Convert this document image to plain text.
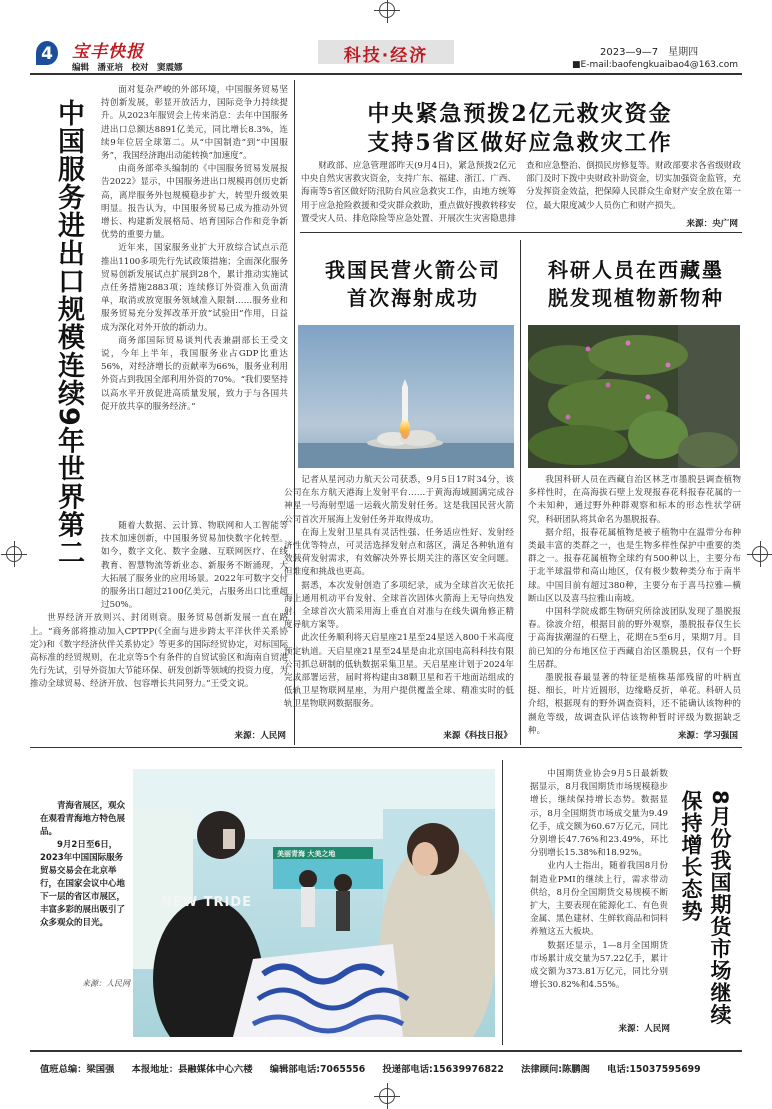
4 宝丰快报
编辑　潘亚培　校对　窦震娜
科技·经济	2023—9—7　星期四
■E-mail:baofengkuaibao4@163.com
中国服务进出口规模连续9年世界第二

面对复杂严峻的外部环境，中国服务贸易坚持创新发展，彰显开放活力，国际竞争力持续提升。从2023年服贸会上传来消息：去年中国服务进出口总额达8891亿美元，同比增长8.3%，连续9年位居全球第二。从“中国制造”到“中国服务”，我国经济跑出动能转换“加速度”。

由商务部牵头编制的《中国服务贸易发展报告2022》显示，中国服务进出口规模再创历史新高，离岸服务外包规模稳步扩大，转型升级效果明显。报告认为，中国服务贸易已成为推动外贸增长、构建新发展格局、培育国际合作和竞争新优势的重要力量。

近年来，国家服务业扩大开放综合试点示范推出1100多项先行先试政策措施；全面深化服务贸易创新发展试点扩展到28个，累计推动实施试点任务措施2883项；连续修订外资准入负面清单，取消或放宽服务领域准入限制……服务业和服务贸易充分发挥改革开放“试验田”作用，日益成为深化对外开放的新动力。

商务部国际贸易谈判代表兼副部长王受文说，今年上半年，我国服务业占GDP比重达56%，对经济增长的贡献率为66%，服务业利用外资占到我国全部利用外资的70%。“我们要坚持以高水平开放促进高质量发展，致力于与各国共促开放共享的服务经济。”

随着大数据、云计算、物联网和人工智能等技术加速创新，中国服务贸易加快数字化转型。如今，数字文化、数字金融、互联网医疗、在线教育、智慧物流等新业态、新服务不断涌现，大大拓展了服务业的应用场景。2022年可数字交付的服务出口超过2100亿美元，占服务出口比重超过50%。

世界经济开放则兴、封闭则衰。服务贸易创新发展一直在路上。“商务部将推动加入CPTPP(《全面与进步跨太平洋伙伴关系协定》)和《数字经济伙伴关系协定》等更多的国际经贸协定，对标国际高标准的经贸规则，在北京等5个有条件的自贸试验区和海南自贸港先行先试，引导外资加大节能环保、研发创新等领域的投资力度，为推动全球贸易、经济开放、包容增长共同努力。”王受文说。

来源：人民网
中央紧急预拨2亿元救灾资金
支持5省区做好应急救灾工作

财政部、应急管理部昨天(9月4日)，紧急预拨2亿元中央自然灾害救灾资金，支持广东、福建、浙江、广西、海南等5省区做好防汛防台风应急救灾工作，由地方统筹用于应急抢险救援和受灾群众救助，重点做好搜救转移安置受灾人员、排危除险等应急处置、开展次生灾害隐患排查和应急整治、倒损民房修复等。财政部要求各省级财政部门及时下拨中央财政补助资金，切实加强资金监管，充分发挥资金效益，把保障人民群众生命财产安全放在第一位，最大限度减少人员伤亡和财产损失。

来源：央广网
我国民营火箭公司
首次海射成功

记者从星河动力航天公司获悉，9月5日17时34分，该公司在东方航天港海上发射平台……于黄海海域圆满完成谷神星一号海射型遥一运载火箭发射任务。这是我国民营火箭公司首次开展海上发射任务并取得成功。

在海上发射卫星具有灵活性强、任务适应性好、发射经济性优等特点，可灵活选择发射点和落区，满足各种轨道有效载荷发射需求，有效解决外界长期关注的落区安全问题。但难度和挑战也更高。

据悉，本次发射创造了多项纪录，成为全球首次无依托海上通用机动平台发射、全球首次固体火箭海上无导向热发射、全球首次火箭采用海上垂直自对准与在线失调角修正精度导航方案等。

此次任务顺利将天启星座21星至24星送入800千米高度预定轨道。天启星座21星至24星是由北京国电高科科技有限公司抓总研制的低轨数据采集卫星。天启星座计划于2024年完成部署运营，届时将构建由38颗卫星和若干地面站组成的低轨卫星物联网星座，为用户提供覆盖全球、精准实时的低轨卫星物联网数据服务。

来源《科技日报》
科研人员在西藏墨
脱发现植物新物种

我国科研人员在西藏自治区林芝市墨脱县调查植物多样性时，在高海拔石壁上发现报春花科报春花属的一个未知种，通过野外种群观察和标本的形态性状学研究，科研团队将其命名为墨脱报春。

据介绍，报春花属植物是被子植物中在温带分布种类最丰富的类群之一，也是生物多样性保护中重要的类群之一。报春花属植物全球约有500种以上，主要分布于北半球温带和高山地区，仅有极少数种类分布于南半球。中国目前有超过380种，主要分布于喜马拉雅—横断山区以及喜马拉雅山南坡。

中国科学院成都生物研究所徐波团队发现了墨脱报春。徐波介绍，根据目前的野外观察，墨脱报春仅生长于高海拔潮湿的石壁上，花期在5至6月，果期7月。目前已知的分布地区位于西藏自治区墨脱县，仅有一个野生居群。

墨脱报春最显著的特征是植株基部残留的叶柄直挺、细长，叶片近圆形，边缘略反折，单花。科研人员介绍，根据现有的野外调查资料，还不能确认该物种的濒危等级，故调查队评估该物种暂时评级为数据缺乏种。

来源：学习强国

青海省展区，观众在观看青海地方特色展品。

9月2日至6日，2023年中国国际服务贸易交易会在北京举行，在国家会议中心地下一层的省区市展区，丰富多彩的展出吸引了众多观众的目光。

来源：人民网
NEW TRIDE
美丽青海 大美之地

中国期货业协会9月5日最新数据显示，8月我国期货市场规模稳步增长，继续保持增长态势。数据显示，8月全国期货市场成交量为9.49亿手，成交额为60.67万亿元，同比分别增长47.76%和23.49%，环比分别增长15.38%和18.92%。

业内人士指出，随着我国8月份制造业PMI的继续上行，需求带动供给，8月份全国期货交易规模不断扩大，主要表现在能源化工、有色贵金属、黑色建材、生鲜软商品和饲料养殖这五大板块。

数据还显示，1—8月全国期货市场累计成交量为57.22亿手，累计成交额为373.81万亿元，同比分别增长30.82%和4.55%。	8月份我国期货市场继续保持增长态势
来源：人民网
值班总编：梁国强 本报地址：县融媒体中心六楼 编辑部电话:7065556 投递部电话:15639976822 法律顾问:陈鹏阁 电话:15037595699
